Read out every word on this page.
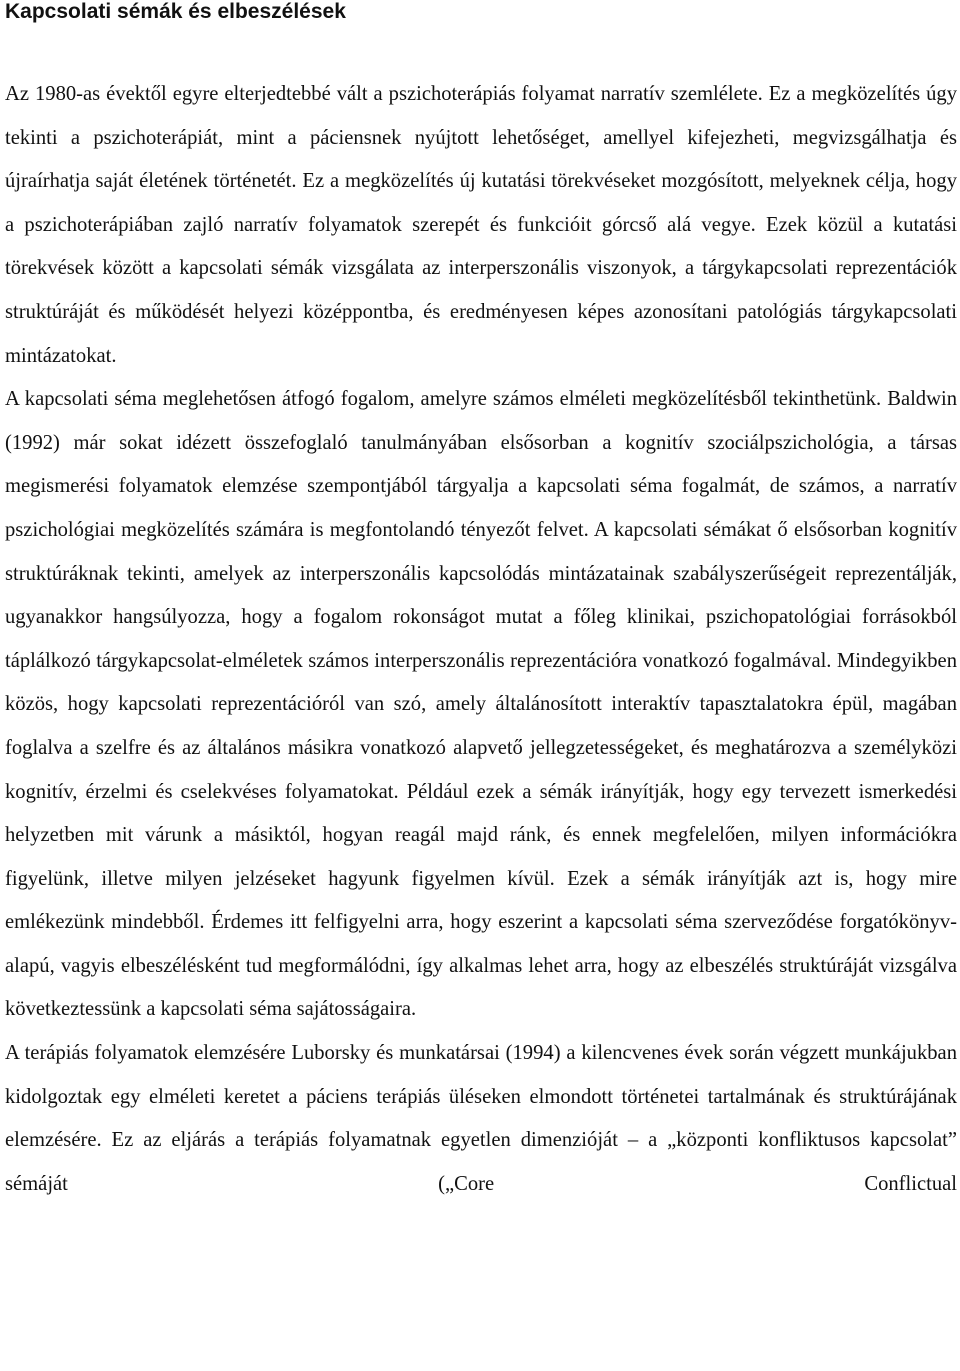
Kapcsolati sémák és elbeszélések

Az 1980-as évektől egyre elterjedtebbé vált a pszichoterápiás folyamat narratív szemlélete. Ez a megközelítés úgy tekinti a pszichoterápiát, mint a páciensnek nyújtott lehetőséget, amellyel kifejezheti, megvizsgálhatja és újraírhatja saját életének történetét. Ez a megközelítés új kutatási törekvéseket mozgósított, melyeknek célja, hogy a pszichoterápiában zajló narratív folyamatok szerepét és funkcióit górcső alá vegye. Ezek közül a kutatási törekvések között a kapcsolati sémák vizsgálata az interperszonális viszonyok, a tárgykapcsolati reprezentációk struktúráját és működését helyezi középpontba, és eredményesen képes azonosítani patológiás tárgykapcsolati mintázatokat.

A kapcsolati séma meglehetősen átfogó fogalom, amelyre számos elméleti megközelítésből tekinthetünk. Baldwin (1992) már sokat idézett összefoglaló tanulmányában elsősorban a kognitív szociálpszichológia, a társas megismerési folyamatok elemzése szempontjából tárgyalja a kapcsolati séma fogalmát, de számos, a narratív pszichológiai megközelítés számára is megfontolandó tényezőt felvet. A kapcsolati sémákat ő elsősorban kognitív struktúráknak tekinti, amelyek az interperszonális kapcsolódás mintázatainak szabályszerűségeit reprezentálják, ugyanakkor hangsúlyozza, hogy a fogalom rokonságot mutat a főleg klinikai, pszichopatológiai forrásokból táplálkozó tárgykapcsolat-elméletek számos interperszonális reprezentációra vonatkozó fogalmával. Mindegyikben közös, hogy kapcsolati reprezentációról van szó, amely általánosított interaktív tapasztalatokra épül, magában foglalva a szelfre és az általános másikra vonatkozó alapvető jellegzetességeket, és meghatározva a személyközi kognitív, érzelmi és cselekvéses folyamatokat. Például ezek a sémák irányítják, hogy egy tervezett ismerkedési helyzetben mit várunk a másiktól, hogyan reagál majd ránk, és ennek megfelelően, milyen információkra figyelünk, illetve milyen jelzéseket hagyunk figyelmen kívül. Ezek a sémák irányítják azt is, hogy mire emlékezünk mindebből. Érdemes itt felfigyelni arra, hogy eszerint a kapcsolati séma szerveződése forgatókönyv-alapú, vagyis elbeszélésként tud megformálódni, így alkalmas lehet arra, hogy az elbeszélés struktúráját vizsgálva következtessünk a kapcsolati séma sajátosságaira.

A terápiás folyamatok elemzésére Luborsky és munkatársai (1994) a kilencvenes évek során végzett munkájukban kidolgoztak egy elméleti keretet a páciens terápiás üléseken elmondott történetei tartalmának és struktúrájának elemzésére. Ez az eljárás a terápiás folyamatnak egyetlen dimenzióját – a „központi konfliktusos kapcsolat” sémáját („Core Conflictual
